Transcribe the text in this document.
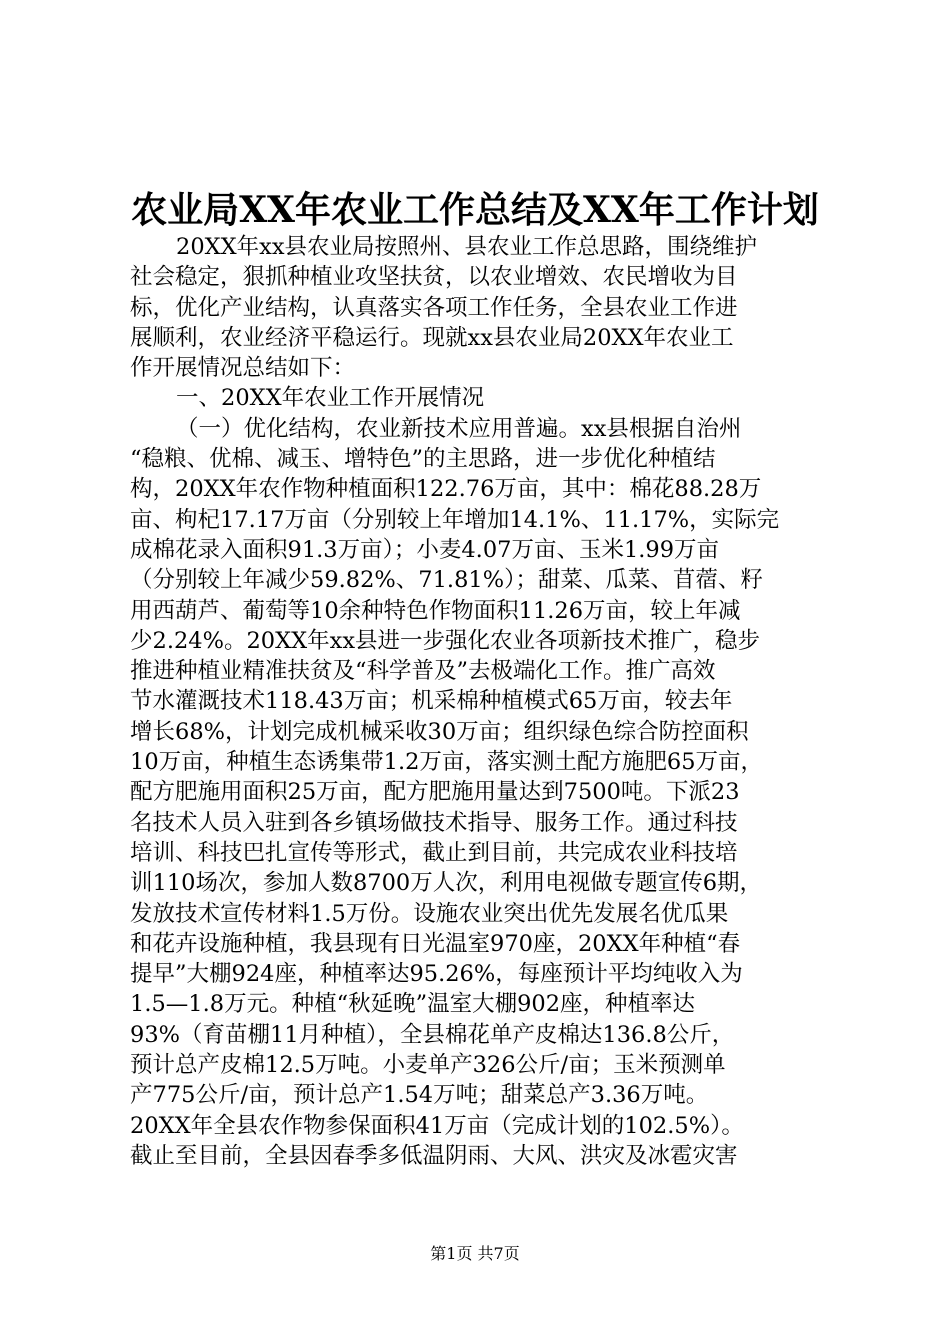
农业局XX年农业工作总结及XX年工作计划
20XX年xx县农业局按照州、县农业工作总思路，围绕维护
社会稳定，狠抓种植业攻坚扶贫，以农业增效、农民增收为目
标，优化产业结构，认真落实各项工作任务，全县农业工作进
展顺利，农业经济平稳运行。现就xx县农业局20XX年农业工
作开展情况总结如下：
一、20XX年农业工作开展情况
（一）优化结构，农业新技术应用普遍。xx县根据自治州
“稳粮、优棉、减玉、增特色”的主思路，进一步优化种植结
构，20XX年农作物种植面积122.76万亩，其中：棉花88.28万
亩、枸杞17.17万亩（分别较上年增加14.1%、11.17%，实际完
成棉花录入面积91.3万亩）；小麦4.07万亩、玉米1.99万亩
（分别较上年减少59.82%、71.81%）；甜菜、瓜菜、苜蓿、籽
用西葫芦、葡萄等10余种特色作物面积11.26万亩，较上年减
少2.24%。20XX年xx县进一步强化农业各项新技术推广，稳步
推进种植业精准扶贫及“科学普及”去极端化工作。推广高效
节水灌溉技术118.43万亩；机采棉种植模式65万亩，较去年
增长68%，计划完成机械采收30万亩；组织绿色综合防控面积
10万亩，种植生态诱集带1.2万亩，落实测土配方施肥65万亩，
配方肥施用面积25万亩，配方肥施用量达到7500吨。下派23
名技术人员入驻到各乡镇场做技术指导、服务工作。通过科技
培训、科技巴扎宣传等形式，截止到目前，共完成农业科技培
训110场次，参加人数8700万人次，利用电视做专题宣传6期，
发放技术宣传材料1.5万份。设施农业突出优先发展名优瓜果
和花卉设施种植，我县现有日光温室970座，20XX年种植“春
提早”大棚924座，种植率达95.26%，每座预计平均纯收入为
1.5—1.8万元。种植“秋延晚”温室大棚902座，种植率达
93%（育苗棚11月种植），全县棉花单产皮棉达136.8公斤，
预计总产皮棉12.5万吨。小麦单产326公斤/亩；玉米预测单
产775公斤/亩，预计总产1.54万吨；甜菜总产3.36万吨。
20XX年全县农作物参保面积41万亩（完成计划的102.5%）。
截止至目前，全县因春季多低温阴雨、大风、洪灾及冰雹灾害
第1页 共7页
